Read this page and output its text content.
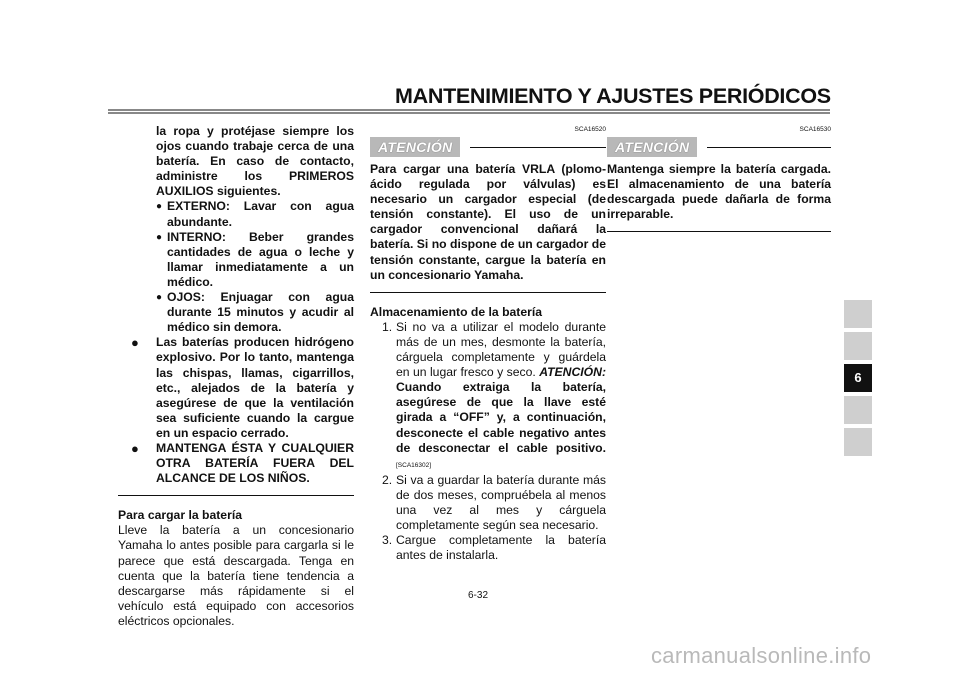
MANTENIMIENTO Y AJUSTES PERIÓDICOS
la ropa y protéjase siempre los ojos cuando trabaje cerca de una batería. En caso de contacto, administre los PRIMEROS AUXILIOS siguientes.
● EXTERNO: Lavar con agua abundante.
● INTERNO: Beber grandes cantidades de agua o leche y llamar inmediatamente a un médico.
● OJOS: Enjuagar con agua durante 15 minutos y acudir al médico sin demora.
● Las baterías producen hidrógeno explosivo. Por lo tanto, mantenga las chispas, llamas, cigarrillos, etc., alejados de la batería y asegúrese de que la ventilación sea suficiente cuando la cargue en un espacio cerrado.
● MANTENGA ÉSTA Y CUALQUIER OTRA BATERÍA FUERA DEL ALCANCE DE LOS NIÑOS.
Para cargar la batería
Lleve la batería a un concesionario Yamaha lo antes posible para cargarla si le parece que está descargada. Tenga en cuenta que la batería tiene tendencia a descargarse más rápidamente si el vehículo está equipado con accesorios eléctricos opcionales.
SCA16520
ATENCIÓN
Para cargar una batería VRLA (plomo-ácido regulada por válvulas) es necesario un cargador especial (de tensión constante). El uso de un cargador convencional dañará la batería. Si no dispone de un cargador de tensión constante, cargue la batería en un concesionario Yamaha.
Almacenamiento de la batería
1. Si no va a utilizar el modelo durante más de un mes, desmonte la batería, cárguela completamente y guárdela en un lugar fresco y seco. ATENCIÓN: Cuando extraiga la batería, asegúrese de que la llave esté girada a “OFF” y, a continuación, desconecte el cable negativo antes de desconectar el cable positivo.[SCA16302]
2. Si va a guardar la batería durante más de dos meses, compruébela al menos una vez al mes y cárguela completamente según sea necesario.
3. Cargue completamente la batería antes de instalarla.
SCA16530
ATENCIÓN
Mantenga siempre la batería cargada. El almacenamiento de una batería descargada puede dañarla de forma irreparable.
6-32
6
carmanualsonline.info
